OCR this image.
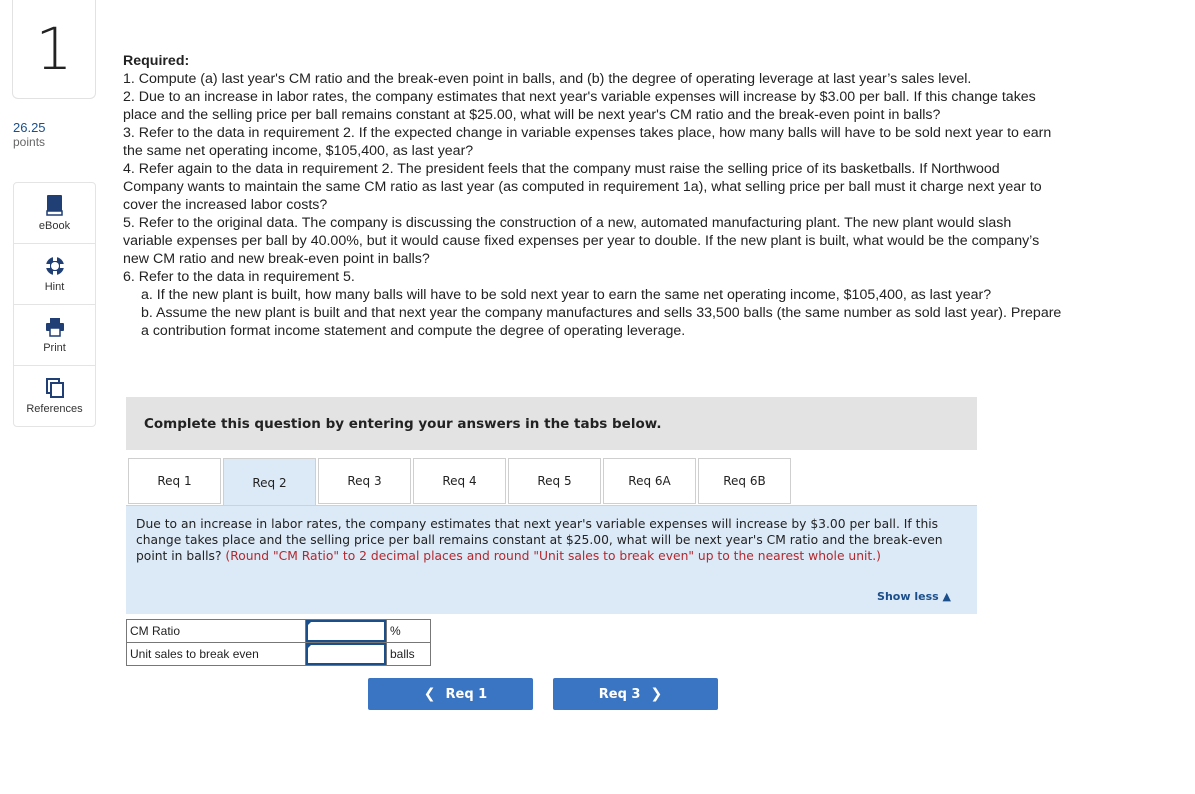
1
26.25
points
eBook
Hint
Print
References
Required:
1. Compute (a) last year's CM ratio and the break-even point in balls, and (b) the degree of operating leverage at last year’s sales level.
2. Due to an increase in labor rates, the company estimates that next year's variable expenses will increase by $3.00 per ball. If this change takes place and the selling price per ball remains constant at $25.00, what will be next year's CM ratio and the break-even point in balls?
3. Refer to the data in requirement 2. If the expected change in variable expenses takes place, how many balls will have to be sold next year to earn the same net operating income, $105,400, as last year?
4. Refer again to the data in requirement 2. The president feels that the company must raise the selling price of its basketballs. If Northwood Company wants to maintain the same CM ratio as last year (as computed in requirement 1a), what selling price per ball must it charge next year to cover the increased labor costs?
5. Refer to the original data. The company is discussing the construction of a new, automated manufacturing plant. The new plant would slash variable expenses per ball by 40.00%, but it would cause fixed expenses per year to double. If the new plant is built, what would be the company’s new CM ratio and new break-even point in balls?
6. Refer to the data in requirement 5.
a. If the new plant is built, how many balls will have to be sold next year to earn the same net operating income, $105,400, as last year?
b. Assume the new plant is built and that next year the company manufactures and sells 33,500 balls (the same number as sold last year). Prepare a contribution format income statement and compute the degree of operating leverage.
Complete this question by entering your answers in the tabs below.
Req 1	Req 2	Req 3	Req 4	Req 5	Req 6A	Req 6B
Due to an increase in labor rates, the company estimates that next year's variable expenses will increase by $3.00 per ball. If this change takes place and the selling price per ball remains constant at $25.00, what will be next year's CM ratio and the break-even point in balls? (Round "CM Ratio" to 2 decimal places and round "Unit sales to break even" up to the nearest whole unit.)
Show less ▲
CM Ratio		%
Unit sales to break even		balls
❮ Req 1	Req 3 ❯
